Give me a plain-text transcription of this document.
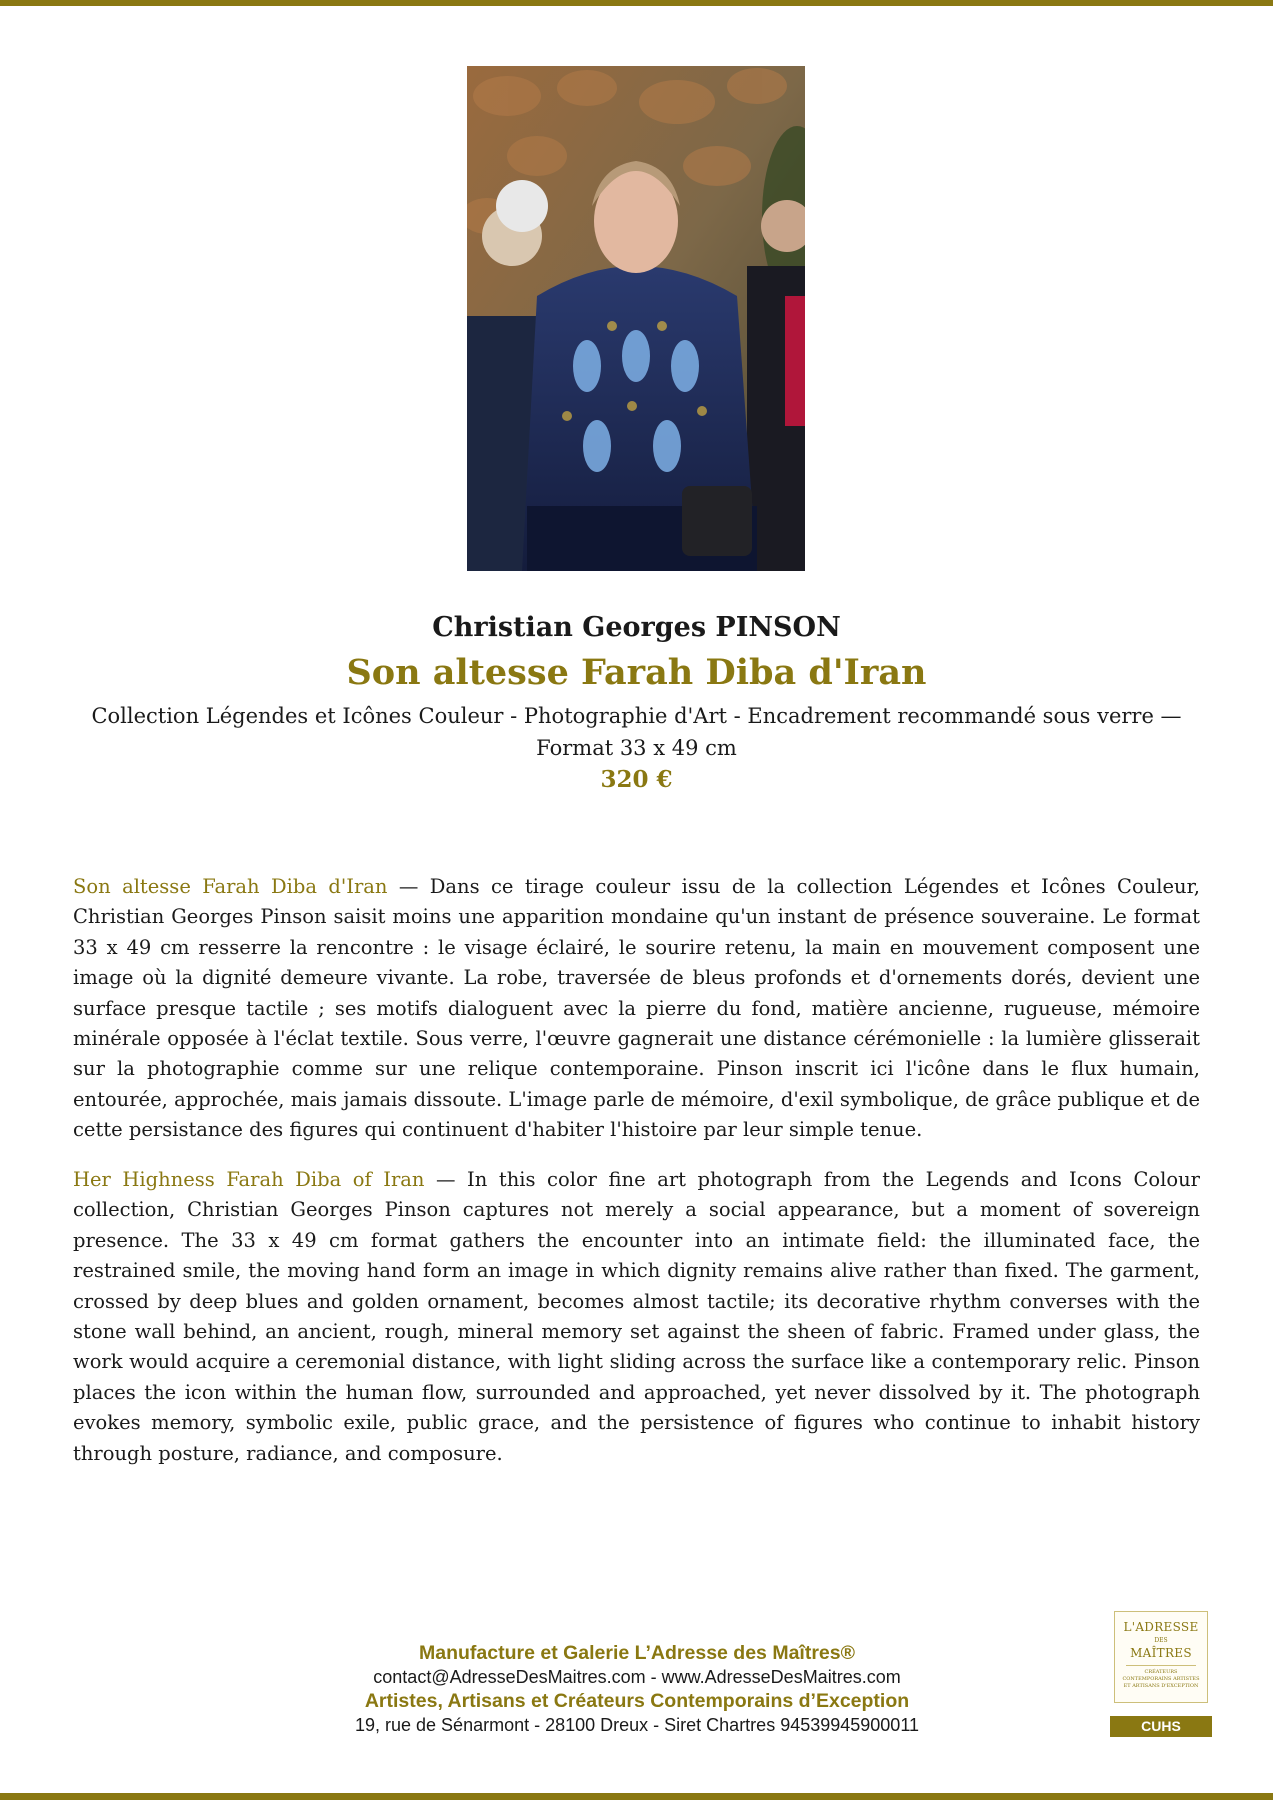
Christian Georges PINSON
Son altesse Farah Diba d'Iran
Collection Légendes et Icônes Couleur - Photographie d'Art - Encadrement recommandé sous verre — Format 33 x 49 cm
320 €

Son altesse Farah Diba d'Iran — Dans ce tirage couleur issu de la collection Légendes et Icônes Couleur, Christian Georges Pinson saisit moins une apparition mondaine qu'un instant de présence souveraine. Le format 33 x 49 cm resserre la rencontre : le visage éclairé, le sourire retenu, la main en mouvement composent une image où la dignité demeure vivante. La robe, traversée de bleus profonds et d'ornements dorés, devient une surface presque tactile ; ses motifs dialoguent avec la pierre du fond, matière ancienne, rugueuse, mémoire minérale opposée à l'éclat textile. Sous verre, l'œuvre gagnerait une distance cérémonielle : la lumière glisserait sur la photographie comme sur une relique contemporaine. Pinson inscrit ici l'icône dans le flux humain, entourée, approchée, mais jamais dissoute. L'image parle de mémoire, d'exil symbolique, de grâce publique et de cette persistance des figures qui continuent d'habiter l'histoire par leur simple tenue.

Her Highness Farah Diba of Iran — In this color fine art photograph from the Legends and Icons Colour collection, Christian Georges Pinson captures not merely a social appearance, but a moment of sovereign presence. The 33 x 49 cm format gathers the encounter into an intimate field: the illuminated face, the restrained smile, the moving hand form an image in which dignity remains alive rather than fixed. The garment, crossed by deep blues and golden ornament, becomes almost tactile; its decorative rhythm converses with the stone wall behind, an ancient, rough, mineral memory set against the sheen of fabric. Framed under glass, the work would acquire a ceremonial distance, with light sliding across the surface like a contemporary relic. Pinson places the icon within the human flow, surrounded and approached, yet never dissolved by it. The photograph evokes memory, symbolic exile, public grace, and the persistence of figures who continue to inhabit history through posture, radiance, and composure.

Manufacture et Galerie L’Adresse des Maîtres®
contact@AdresseDesMaitres.com - www.AdresseDesMaitres.com
Artistes, Artisans et Créateurs Contemporains d’Exception
19, rue de Sénarmont - 28100 Dreux - Siret Chartres 94539945900011
L'ADRESSE
DES
MAÎTRES
CRÉATEURS CONTEMPORAINS ARTISTES ET ARTISANS D'EXCEPTION
CUHS
